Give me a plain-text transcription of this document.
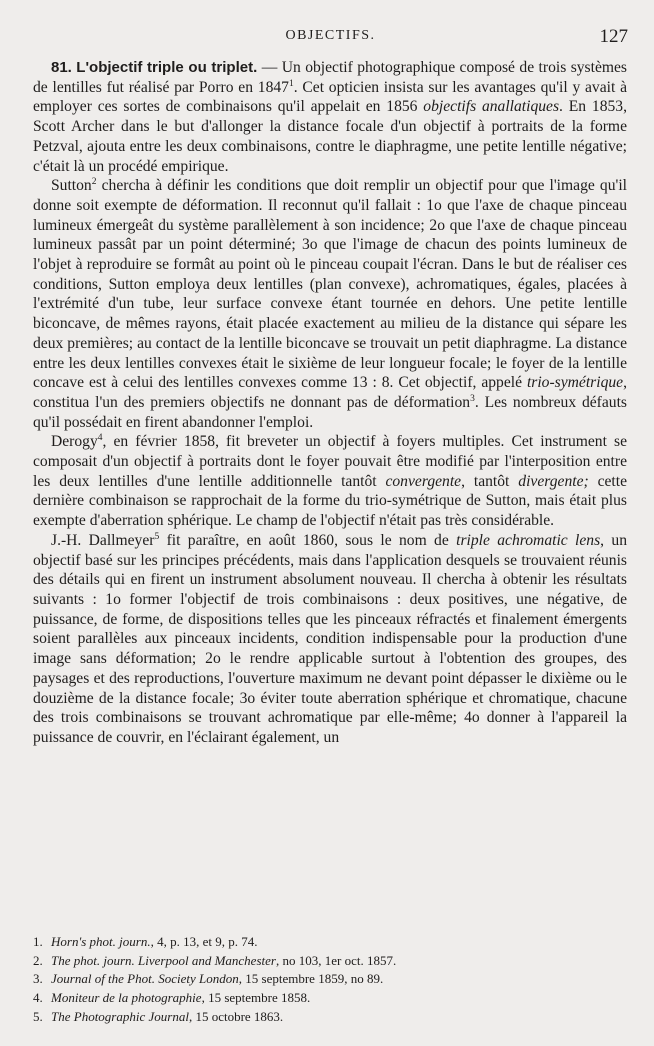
OBJECTIFS.	127

81. L'objectif triple ou triplet. — Un objectif photographique composé de trois systèmes de lentilles fut réalisé par Porro en 1847$^1$. Cet opticien insista sur les avantages qu'il y avait à employer ces sortes de combinaisons qu'il appelait en 1856 objectifs anallatiques. En 1853, Scott Archer dans le but d'allonger la distance focale d'un objectif à portraits de la forme Petzval, ajouta entre les deux combinaisons, contre le diaphragme, une petite lentille négative; c'était là un procédé empirique.

Sutton$^2$ chercha à définir les conditions que doit remplir un objectif pour que l'image qu'il donne soit exempte de déformation. Il reconnut qu'il fallait : 1o que l'axe de chaque pinceau lumineux émergeât du système parallèlement à son incidence; 2o que l'axe de chaque pinceau lumineux passât par un point déterminé; 3o que l'image de chacun des points lumineux de l'objet à reproduire se formât au point où le pinceau coupait l'écran. Dans le but de réaliser ces conditions, Sutton employa deux lentilles (plan convexe), achromatiques, égales, placées à l'extrémité d'un tube, leur surface convexe étant tournée en dehors. Une petite lentille biconcave, de mêmes rayons, était placée exactement au milieu de la distance qui sépare les deux premières; au contact de la lentille biconcave se trouvait un petit diaphragme. La distance entre les deux lentilles convexes était le sixième de leur longueur focale; le foyer de la lentille concave est à celui des lentilles convexes comme 13 : 8. Cet objectif, appelé trio-symétrique, constitua l'un des premiers objectifs ne donnant pas de déformation$^3$. Les nombreux défauts qu'il possédait en firent abandonner l'emploi.

Derogy$^4$, en février 1858, fit breveter un objectif à foyers multiples. Cet instrument se composait d'un objectif à portraits dont le foyer pouvait être modifié par l'interposition entre les deux lentilles d'une lentille additionnelle tantôt convergente, tantôt divergente; cette dernière combinaison se rapprochait de la forme du trio-symétrique de Sutton, mais était plus exempte d'aberration sphérique. Le champ de l'objectif n'était pas très considérable.

J.-H. Dallmeyer$^5$ fit paraître, en août 1860, sous le nom de triple achromatic lens, un objectif basé sur les principes précédents, mais dans l'application desquels se trouvaient réunis des détails qui en firent un instrument absolument nouveau. Il chercha à obtenir les résultats suivants : 1o former l'objectif de trois combinaisons : deux positives, une négative, de puissance, de forme, de dispositions telles que les pinceaux réfractés et finalement émergents soient parallèles aux pinceaux incidents, condition indispensable pour la production d'une image sans déformation; 2o le rendre applicable surtout à l'obtention des groupes, des paysages et des reproductions, l'ouverture maximum ne devant point dépasser le dixième ou le douzième de la distance focale; 3o éviter toute aberration sphérique et chromatique, chacune des trois combinaisons se trouvant achromatique par elle-même; 4o donner à l'appareil la puissance de couvrir, en l'éclairant également, un

1. Horn's phot. journ., 4, p. 13, et 9, p. 74.
2. The phot. journ. Liverpool and Manchester, no 103, 1er oct. 1857.
3. Journal of the Phot. Society London, 15 septembre 1859, no 89.
4. Moniteur de la photographie, 15 septembre 1858.
5. The Photographic Journal, 15 octobre 1863.
